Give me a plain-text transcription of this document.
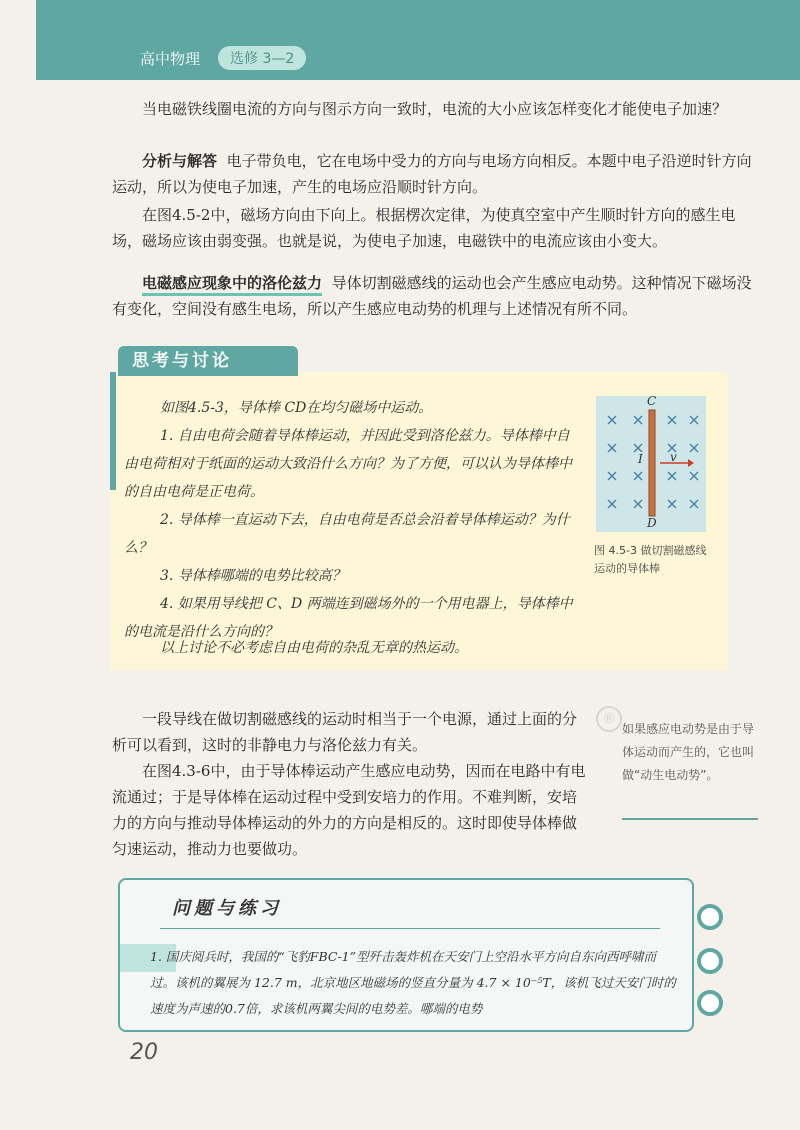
高中物理	选修 3—2
当电磁铁线圈电流的方向与图示方向一致时，电流的大小应该怎样变化才能使电子加速？
分析与解答 电子带负电，它在电场中受力的方向与电场方向相反。本题中电子沿逆时针方向运动，所以为使电子加速，产生的电场应沿顺时针方向。
在图4.5-2中，磁场方向由下向上。根据楞次定律，为使真空室中产生顺时针方向的感生电场，磁场应该由弱变强。也就是说，为使电子加速，电磁铁中的电流应该由小变大。
电磁感应现象中的洛伦兹力 导体切割磁感线的运动也会产生感应电动势。这种情况下磁场没有变化，空间没有感生电场，所以产生感应电动势的机理与上述情况有所不同。
思考与讨论
如图4.5-3，导体棒 CD在均匀磁场中运动。
1. 自由电荷会随着导体棒运动，并因此受到洛伦兹力。导体棒中自由电荷相对于纸面的运动大致沿什么方向？为了方便，可以认为导体棒中的自由电荷是正电荷。
2. 导体棒一直运动下去，自由电荷是否总会沿着导体棒运动？为什么？
3. 导体棒哪端的电势比较高？
4. 如果用导线把 C、D 两端连到磁场外的一个用电器上，导体棒中的电流是沿什么方向的？
以上讨论不必考虑自由电荷的杂乱无章的热运动。
C
D
I v
图 4.5-3 做切割磁感线运动的导体棒
一段导线在做切割磁感线的运动时相当于一个电源，通过上面的分析可以看到，这时的非静电力与洛伦兹力有关。
在图4.3-6中，由于导体棒运动产生感应电动势，因而在电路中有电流通过；于是导体棒在运动过程中受到安培力的作用。不难判断，安培力的方向与推动导体棒运动的外力的方向是相反的。这时即使导体棒做匀速运动，推动力也要做功。
®
如果感应电动势是由于导体运动而产生的，它也叫做“动生电动势”。
问题与练习
1. 国庆阅兵时，我国的“飞豹FBC-1”型歼击轰炸机在天安门上空沿水平方向自东向西呼啸而过。该机的翼展为 12.7 m，北京地区地磁场的竖直分量为 4.7 × 10⁻⁵T，该机飞过天安门时的速度为声速的0.7倍，求该机两翼尖间的电势差。哪端的电势
20
